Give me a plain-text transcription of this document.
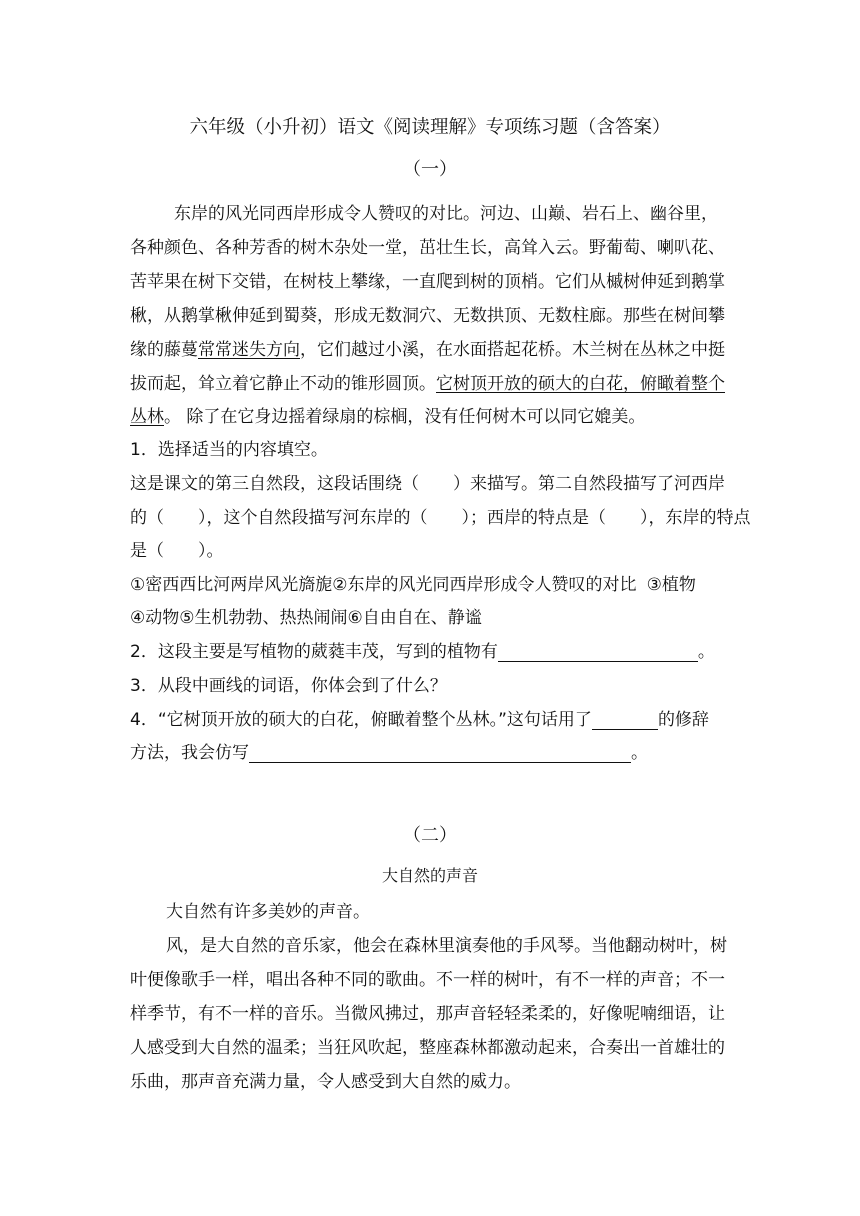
六年级（小升初）语文《阅读理解》专项练习题（含答案）
（一）
东岸的风光同西岸形成令人赞叹的对比。河边、山巅、岩石上、幽谷里，
各种颜色、各种芳香的树木杂处一堂，茁壮生长，高耸入云。野葡萄、喇叭花、
苦苹果在树下交错，在树枝上攀缘，一直爬到树的顶梢。它们从槭树伸延到鹅掌
楸，从鹅掌楸伸延到蜀葵，形成无数洞穴、无数拱顶、无数柱廊。那些在树间攀
缘的藤蔓常常迷失方向，它们越过小溪，在水面搭起花桥。木兰树在丛林之中挺
拔而起，耸立着它静止不动的锥形圆顶。它树顶开放的硕大的白花，俯瞰着整个
丛林。 除了在它身边摇着绿扇的棕榈，没有任何树木可以同它媲美。
1．选择适当的内容填空。
这是课文的第三自然段，这段话围绕（　　）来描写。第二自然段描写了河西岸
的（　　），这个自然段描写河东岸的（　　）；西岸的特点是（　　），东岸的特点
是（　　）。
①密西西比河两岸风光旖旎②东岸的风光同西岸形成令人赞叹的对比 ③植物
④动物⑤生机勃勃、热热闹闹⑥自由自在、静谧
2．这段主要是写植物的葳蕤丰茂，写到的植物有	。
3．从段中画线的词语，你体会到了什么？
4．“它树顶开放的硕大的白花，俯瞰着整个丛林。”这句话用了	的修辞
方法，我会仿写	。
（二）
大自然的声音
大自然有许多美妙的声音。
风，是大自然的音乐家，他会在森林里演奏他的手风琴。当他翻动树叶，树
叶便像歌手一样，唱出各种不同的歌曲。不一样的树叶，有不一样的声音；不一
样季节，有不一样的音乐。当微风拂过，那声音轻轻柔柔的，好像呢喃细语，让
人感受到大自然的温柔；当狂风吹起，整座森林都激动起来，合奏出一首雄壮的
乐曲，那声音充满力量，令人感受到大自然的威力。
